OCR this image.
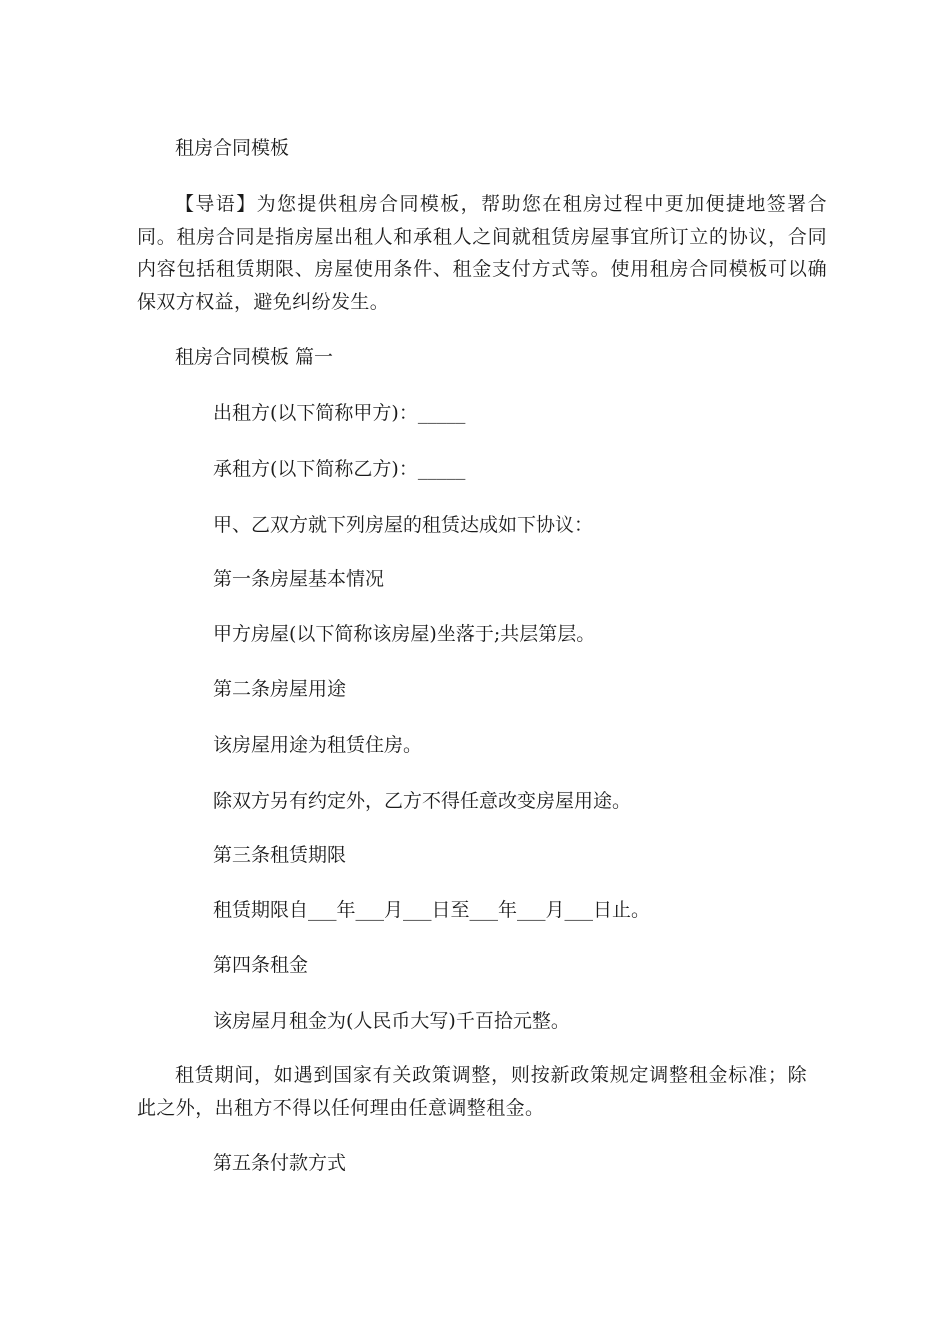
租房合同模板
【导语】为您提供租房合同模板，帮助您在租房过程中更加便捷地签署合同。租房合同是指房屋出租人和承租人之间就租赁房屋事宜所订立的协议，合同内容包括租赁期限、房屋使用条件、租金支付方式等。使用租房合同模板可以确保双方权益，避免纠纷发生。
租房合同模板 篇一
出租方(以下简称甲方)：_____
承租方(以下简称乙方)：_____
甲、乙双方就下列房屋的租赁达成如下协议：
第一条房屋基本情况
甲方房屋(以下简称该房屋)坐落于;共层第层。
第二条房屋用途
该房屋用途为租赁住房。
除双方另有约定外，乙方不得任意改变房屋用途。
第三条租赁期限
租赁期限自___年___月___日至___年___月___日止。
第四条租金
该房屋月租金为(人民币大写)千百拾元整。
租赁期间，如遇到国家有关政策调整，则按新政策规定调整租金标准；除此之外，出租方不得以任何理由任意调整租金。
第五条付款方式
